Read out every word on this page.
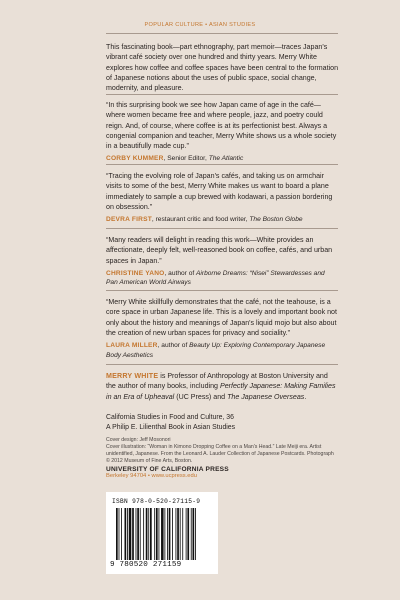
POPULAR CULTURE • ASIAN STUDIES

This fascinating book—part ethnography, part memoir—traces Japan's vibrant café society over one hundred and thirty years. Merry White explores how coffee and coffee spaces have been central to the formation of Japanese notions about the uses of public space, social change, modernity, and pleasure.

“In this surprising book we see how Japan came of age in the café—where women became free and where people, jazz, and poetry could reign. And, of course, where coffee is at its perfectionist best. Always a congenial companion and teacher, Merry White shows us a whole society in a beautifully made cup.”

CORBY KUMMER, Senior Editor, The Atlantic

“Tracing the evolving role of Japan's cafés, and taking us on armchair visits to some of the best, Merry White makes us want to board a plane immediately to sample a cup brewed with kodawari, a passion bordering on obsession.”

DEVRA FIRST, restaurant critic and food writer, The Boston Globe

“Many readers will delight in reading this work—White provides an affectionate, deeply felt, well-reasoned book on coffee, cafés, and urban spaces in Japan.”

CHRISTINE YANO, author of Airborne Dreams: “Nisei” Stewardesses and Pan American World Airways

“Merry White skillfully demonstrates that the café, not the teahouse, is a core space in urban Japanese life. This is a lovely and important book not only about the history and meanings of Japan's liquid mojo but also about the creation of new urban spaces for privacy and sociality.”

LAURA MILLER, author of Beauty Up: Exploring Contemporary Japanese Body Aesthetics

MERRY WHITE is Professor of Anthropology at Boston University and the author of many books, including Perfectly Japanese: Making Families in an Era of Upheaval (UC Press) and The Japanese Overseas.

California Studies in Food and Culture, 36
A Philip E. Lilienthal Book in Asian Studies
Cover design: Jeff Mosonori
Cover illustration: “Woman in Kimono Dropping Coffee on a Man's Head.” Late Meiji era. Artist unidentified, Japanese. From the Leonard A. Lauder Collection of Japanese Postcards. Photograph © 2012 Museum of Fine Arts, Boston.
UNIVERSITY OF CALIFORNIA PRESS
Berkeley 94704 • www.ucpress.edu
ISBN 978-0-520-27115-9
9 780520 271159
